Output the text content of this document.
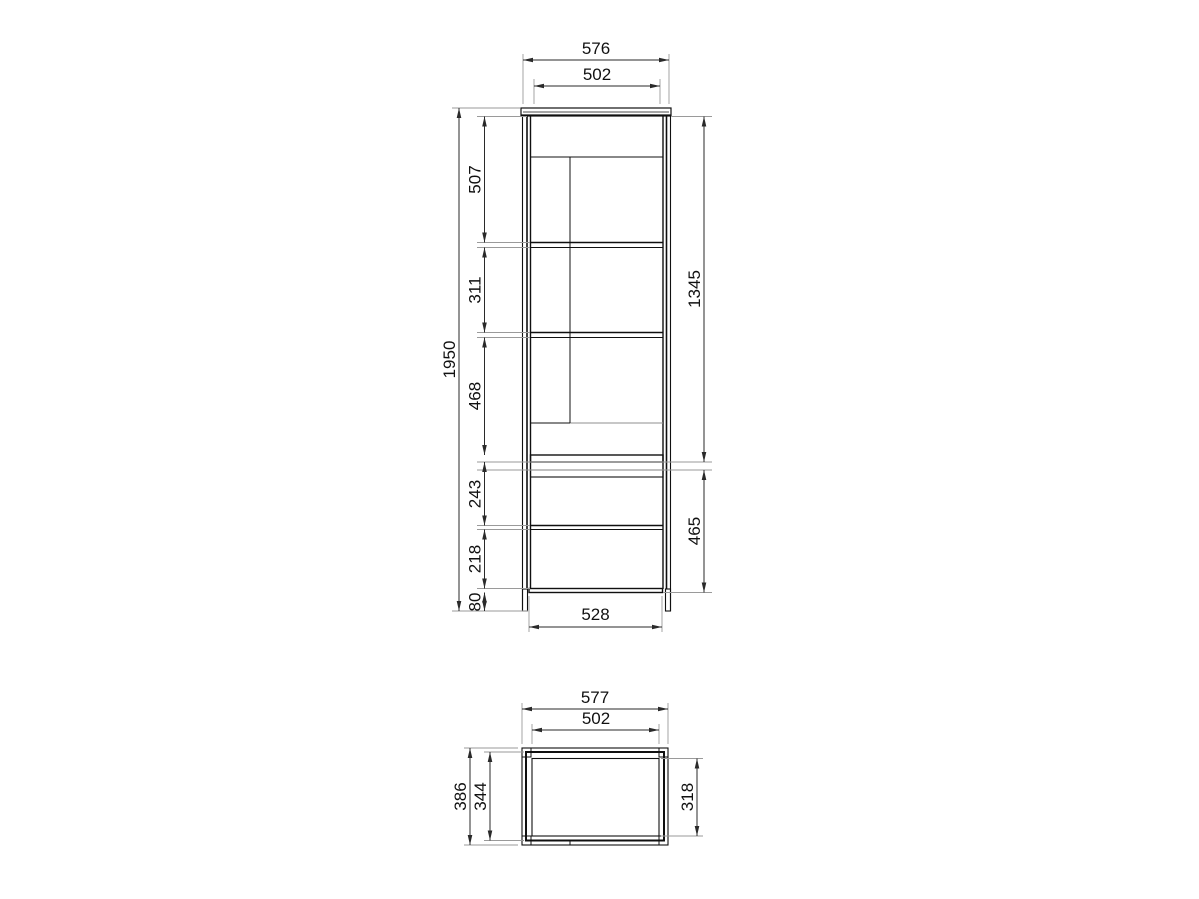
576
502
1950
507
311
468
243
218
80
1345
465
528
577
502
386 344	318
